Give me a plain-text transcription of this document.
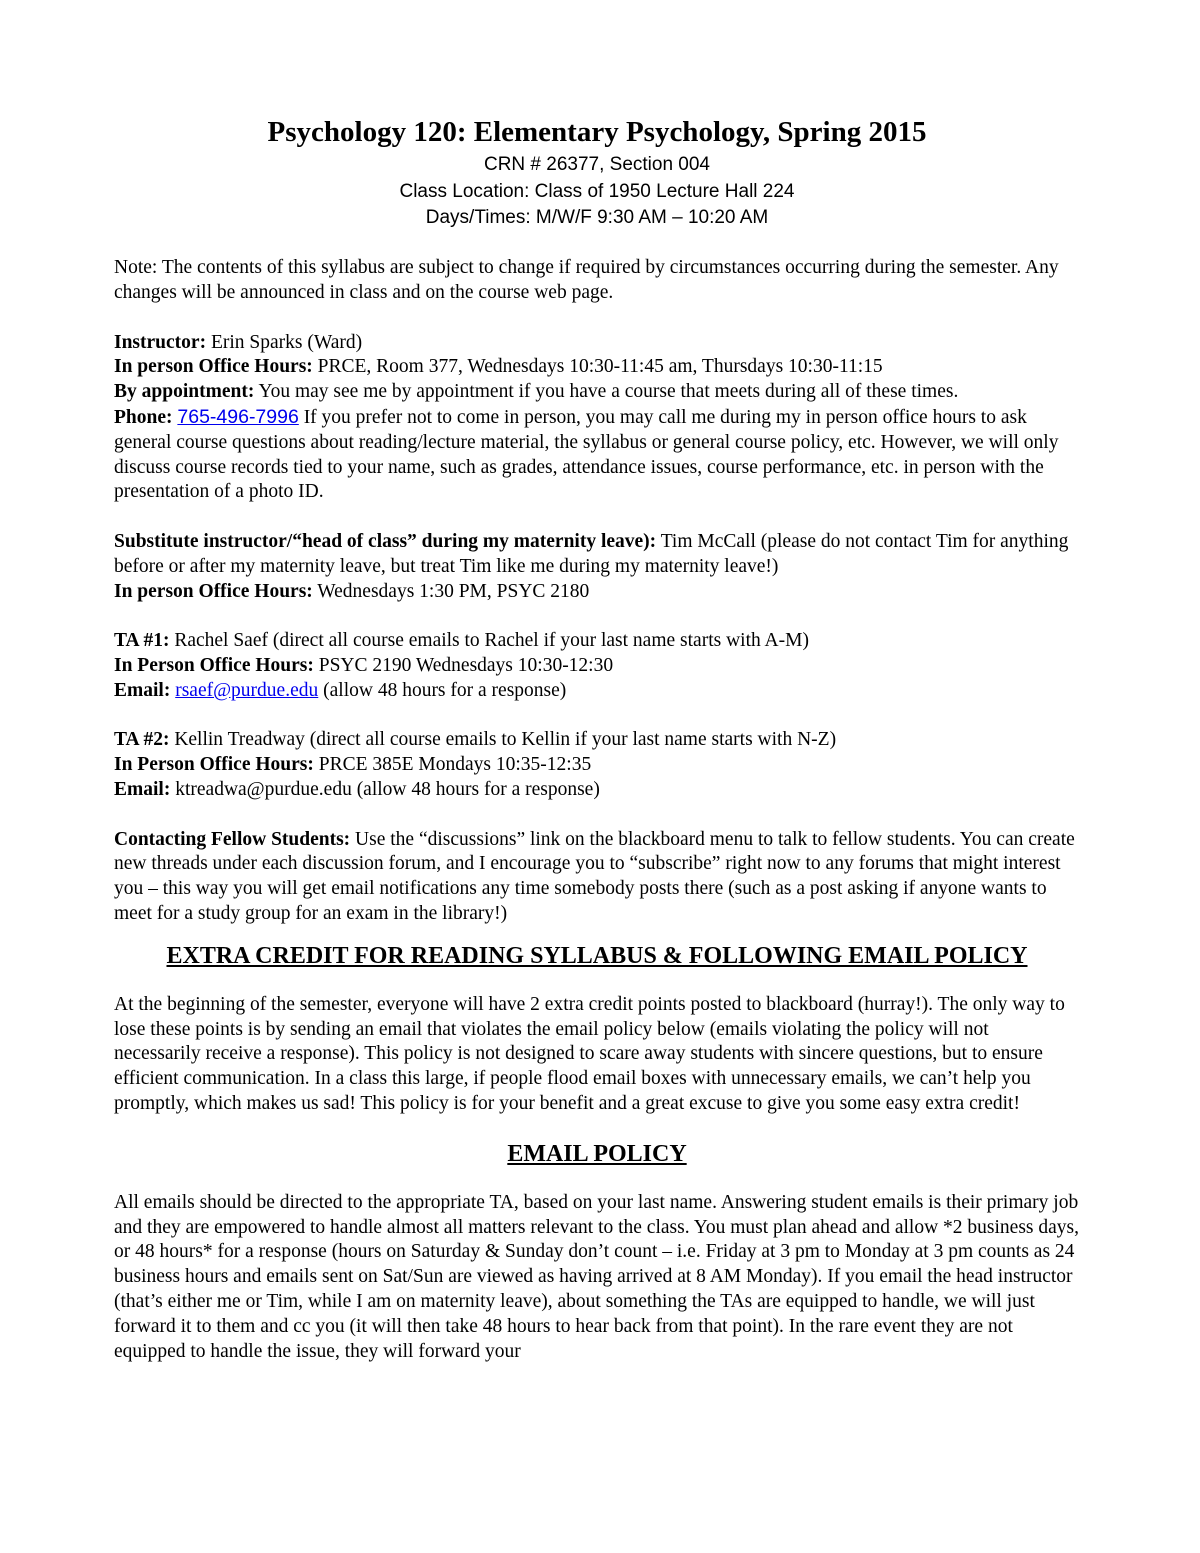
Psychology 120: Elementary Psychology, Spring 2015
CRN # 26377, Section 004
Class Location: Class of 1950 Lecture Hall 224
Days/Times: M/W/F 9:30 AM – 10:20 AM

Note: The contents of this syllabus are subject to change if required by circumstances occurring during the semester. Any changes will be announced in class and on the course web page.

Instructor: Erin Sparks (Ward)

In person Office Hours: PRCE, Room 377, Wednesdays 10:30-11:45 am, Thursdays 10:30-11:15

By appointment: You may see me by appointment if you have a course that meets during all of these times.

Phone: 765-496-7996 If you prefer not to come in person, you may call me during my in person office hours to ask general course questions about reading/lecture material, the syllabus or general course policy, etc. However, we will only discuss course records tied to your name, such as grades, attendance issues, course performance, etc. in person with the presentation of a photo ID.

Substitute instructor/“head of class” during my maternity leave): Tim McCall (please do not contact Tim for anything before or after my maternity leave, but treat Tim like me during my maternity leave!)

In person Office Hours: Wednesdays 1:30 PM, PSYC 2180

TA #1: Rachel Saef (direct all course emails to Rachel if your last name starts with A-M)

In Person Office Hours: PSYC 2190 Wednesdays 10:30-12:30

Email: rsaef@purdue.edu (allow 48 hours for a response)

TA #2: Kellin Treadway (direct all course emails to Kellin if your last name starts with N-Z)

In Person Office Hours: PRCE 385E Mondays 10:35-12:35

Email: ktreadwa@purdue.edu (allow 48 hours for a response)

Contacting Fellow Students: Use the “discussions” link on the blackboard menu to talk to fellow students. You can create new threads under each discussion forum, and I encourage you to “subscribe” right now to any forums that might interest you – this way you will get email notifications any time somebody posts there (such as a post asking if anyone wants to meet for a study group for an exam in the library!)

EXTRA CREDIT FOR READING SYLLABUS & FOLLOWING EMAIL POLICY

At the beginning of the semester, everyone will have 2 extra credit points posted to blackboard (hurray!). The only way to lose these points is by sending an email that violates the email policy below (emails violating the policy will not necessarily receive a response). This policy is not designed to scare away students with sincere questions, but to ensure efficient communication. In a class this large, if people flood email boxes with unnecessary emails, we can’t help you promptly, which makes us sad! This policy is for your benefit and a great excuse to give you some easy extra credit!

EMAIL POLICY

All emails should be directed to the appropriate TA, based on your last name. Answering student emails is their primary job and they are empowered to handle almost all matters relevant to the class. You must plan ahead and allow *2 business days, or 48 hours* for a response (hours on Saturday & Sunday don’t count – i.e. Friday at 3 pm to Monday at 3 pm counts as 24 business hours and emails sent on Sat/Sun are viewed as having arrived at 8 AM Monday). If you email the head instructor (that’s either me or Tim, while I am on maternity leave), about something the TAs are equipped to handle, we will just forward it to them and cc you (it will then take 48 hours to hear back from that point). In the rare event they are not equipped to handle the issue, they will forward your
